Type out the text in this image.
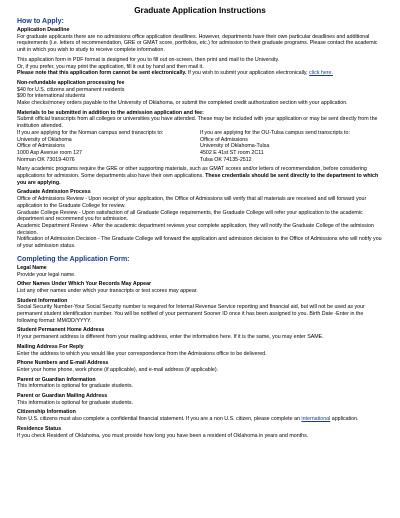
Graduate Application Instructions
How to Apply:

Application Deadline

For graduate applicants there are no admissions office application deadlines. However, departments have their own particular deadlines and additional requirements (i.e. letters of recommendation, GRE or GMAT score, portfolios, etc.) for admission to their graduate programs. Please contact the academic unit in which you wish to study to receive complete information.

This application form in PDF format is designed for you to fill out on-screen, then print and mail to the University.

Or, if you prefer, you may print the application, fill it out by hand and then mail it.

Please note that this application form cannot be sent electronically. If you wish to submit your application electronically, click here.

Non-refundable application processing fee

$40 for U.S. citizens and permanent residents

$90 for international students

Make checks/money orders payable to the University of Oklahoma, or submit the completed credit authorization section with your application.

Materials to be submitted in addition to the admission application and fee:

Submit official transcripts from all colleges or universities you have attended. These may be included with your application or may be sent directly from the institution attended.

If you are applying for the Norman campus send transcripts to:

University of Oklahoma

Office of Admissions

1000 Asp Avenue room 127

Norman OK 73019-4076

If you are applying for the OU-Tulsa campus send transcripts to:

Office of Admissions

University of Oklahoma-Tulsa

4502 E 41st ST room 2C11

Tulsa OK 74135-2512

Many academic programs require the GRE or other supporting materials, such as GMAT scores and/or letters of recommendation, before considering applications for admission. Some departments also have their own applications. These credentials should be sent directly to the department to which you are applying.

Graduate Admission Process

Office of Admissions Review - Upon receipt of your application, the Office of Admissions will verify that all materials are received and will forward your application to the Graduate College for review.

Graduate College Review - Upon satisfaction of all Graduate College requirements, the Graduate College will refer your application to the academic department and recommend you for admission.

Academic Department Review - After the academic department reviews your complete application, they will notify the Graduate College of the admission decision.

Notification of Admission Decision - The Graduate College will forward the application and admission decision to the Office of Admissions who will notify you of your admission status.

Completing the Application Form:

Legal Name

Provide your legal name.

Other Names Under Which Your Records May Appear

List any other names under which your transcripts or test scores may appear.

Student Information

Social Security Number-Your Social Security number is required for Internal Revenue Service reporting and financial aid, but will not be used as your permanent student identification number. You will be notified of your permanent Sooner ID once it has been assigned to you. Birth Date -Enter in the following format: MM/DD/YYYY.

Student Permanent Home Address

If your permanent address is different from your mailing address, enter the information here. If it is the same, you may enter SAME.

Mailing Address For Reply

Enter the address to which you would like your correspondence from the Admissions office to be delivered.

Phone Numbers and E-mail Address

Enter your home phone, work phone (if applicable), and e-mail address (if applicable).

Parent or Guardian Information

This information is optional for graduate students.

Parent or Guardian Mailing Address

This information is optional for graduate students.

Citizenship Information

Non U.S. citizens must also complete a confidential financial statement. If you are a non U.S. citizen, please complete an international application.

Residence Status

If you check Resident of Oklahoma, you must provide how long you have been a resident of Oklahoma in years and months.
